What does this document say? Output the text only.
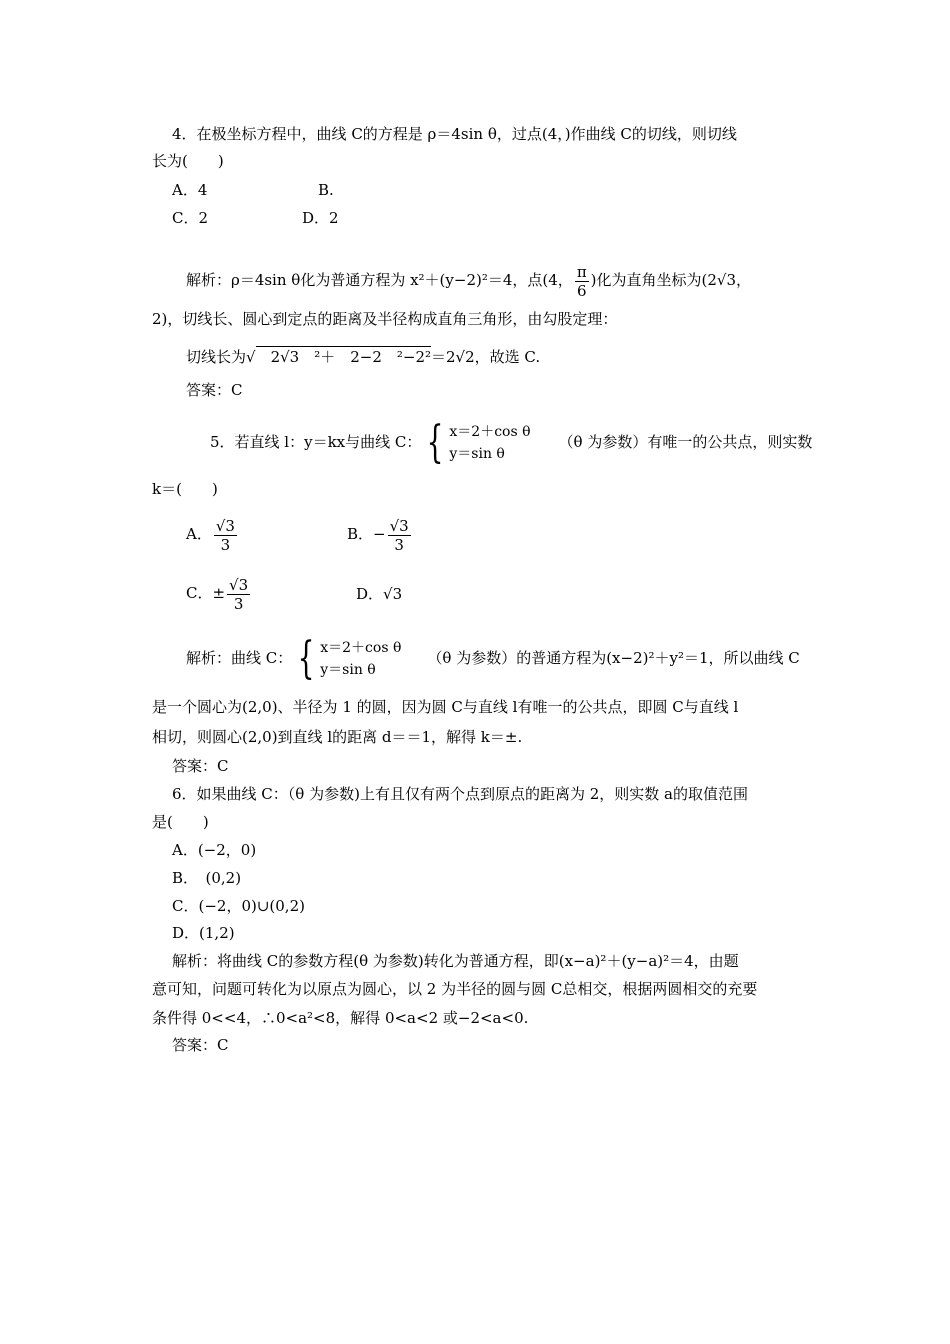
4．在极坐标方程中，曲线 C的方程是 ρ＝4sin θ，过点(4，)作曲线 C的切线，则切线
长为(　　)
A．4	B.
C．2	D．2
解析：ρ＝4sin θ化为普通方程为 x²＋(y−2)²＝4，点(4， $\frac{\pi}{6}$ )化为直角坐标为(2√3，
2)，切线长、圆心到定点的距离及半径构成直角三角形，由勾股定理：
切线长为√　2√3　²＋　2−2　²−2²＝2√2，故选 C.
答案：C
5．若直线 l：y＝kx与曲线 C： { x＝2＋cos θ
y＝sin θ
（θ 为参数）有唯一的公共点，则实数
k＝(　　)
A． $\frac{√3}{3}$	B．− $\frac{√3}{3}$
C．± $\frac{√3}{3}$	D．√3
解析：曲线 C： { x＝2＋cos θ
y＝sin θ
（θ 为参数）的普通方程为(x−2)²＋y²＝1，所以曲线 C
是一个圆心为(2,0)、半径为 1 的圆，因为圆 C与直线 l有唯一的公共点，即圆 C与直线 l
相切，则圆心(2,0)到直线 l的距离 d＝＝1，解得 k＝±.
答案：C
6．如果曲线 C：（θ 为参数)上有且仅有两个点到原点的距离为 2，则实数 a的取值范围
是(　　)
A．(−2，0)
B．　(0,2)
C．(−2，0)∪(0,2)
D．(1,2)
解析：将曲线 C的参数方程(θ 为参数)转化为普通方程，即(x−a)²＋(y−a)²＝4，由题
意可知，问题可转化为以原点为圆心，以 2 为半径的圆与圆 C总相交，根据两圆相交的充要
条件得 0<<4，∴0<a²<8，解得 0<a<2 或−2<a<0.
答案：C
